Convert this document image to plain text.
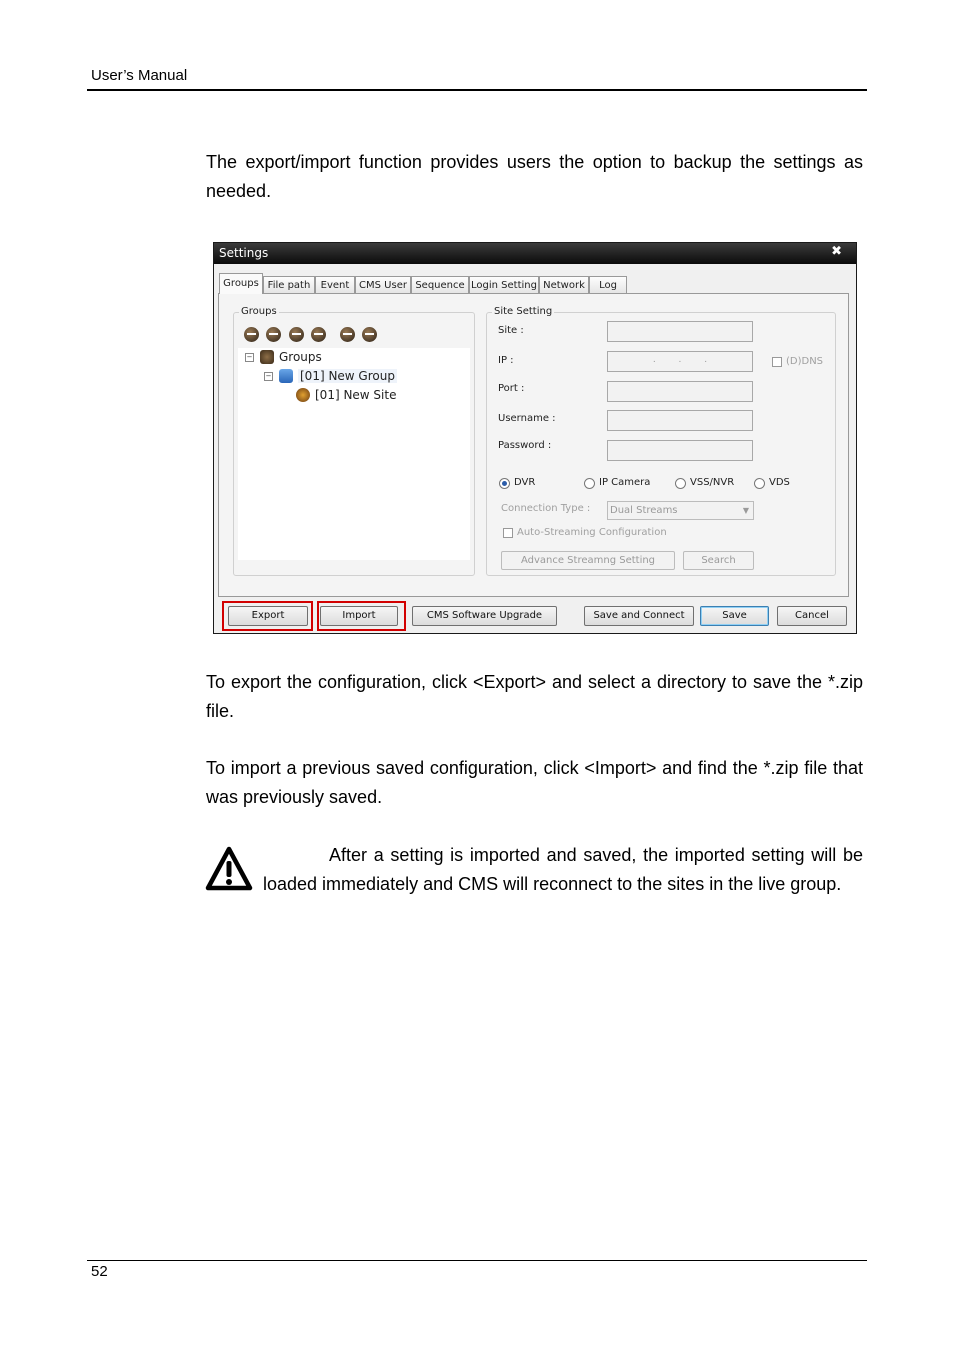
User’s Manual

The export/import function provides users the option to backup the settings as needed.

Settings	✖
Groups File path	Event CMS User Sequence Login Setting Network	Log
Groups
− Groups
− [01] New Group
[01] New Site
Site Setting
Site :
IP :	.        .        .	(D)DNS
Port :
Username :
Password :
DVR	IP Camera	VSS/NVR	VDS
Connection Type :	Dual Streams	▼
Auto-Streaming Configuration
Advance Streamng Setting	Search
Export	Import	CMS Software Upgrade	Save and Connect	Save	Cancel

To export the configuration, click <Export> and select a directory to save the *.zip file.

To import a previous saved configuration, click <Import> and find the *.zip file that was previously saved.

After a setting is imported and saved, the imported setting will be loaded immediately and CMS will reconnect to the sites in the live group.

52
